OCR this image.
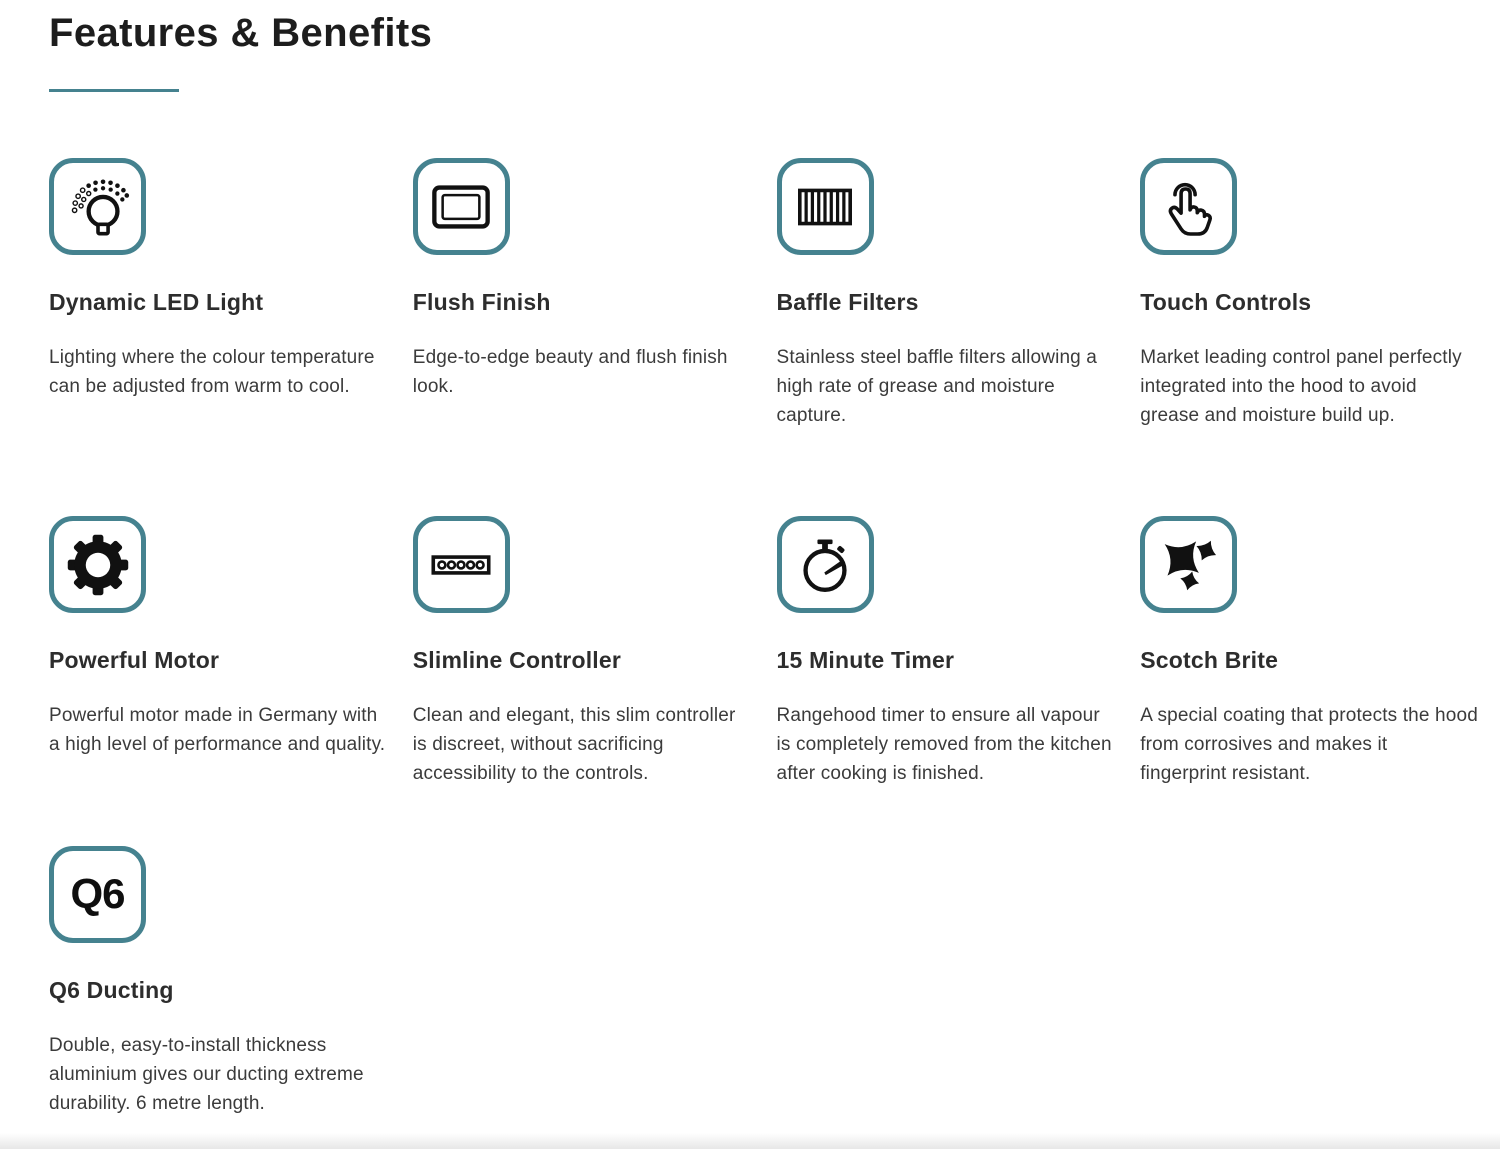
Features & Benefits
Dynamic LED Light

Lighting where the colour temperature can be adjusted from warm to cool.

Flush Finish

Edge-to-edge beauty and flush finish look.

Baffle Filters

Stainless steel baffle filters allowing a high rate of grease and moisture capture.

Touch Controls

Market leading control panel perfectly integrated into the hood to avoid grease and moisture build up.

Powerful Motor

Powerful motor made in Germany with a high level of performance and quality.

Slimline Controller

Clean and elegant, this slim controller is discreet, without sacrificing accessibility to the controls.

15 Minute Timer

Rangehood timer to ensure all vapour is completely removed from the kitchen after cooking is finished.

Scotch Brite

A special coating that protects the hood from corrosives and makes it fingerprint resistant.

Q6
Q6 Ducting

Double, easy-to-install thickness aluminium gives our ducting extreme durability. 6 metre length.
